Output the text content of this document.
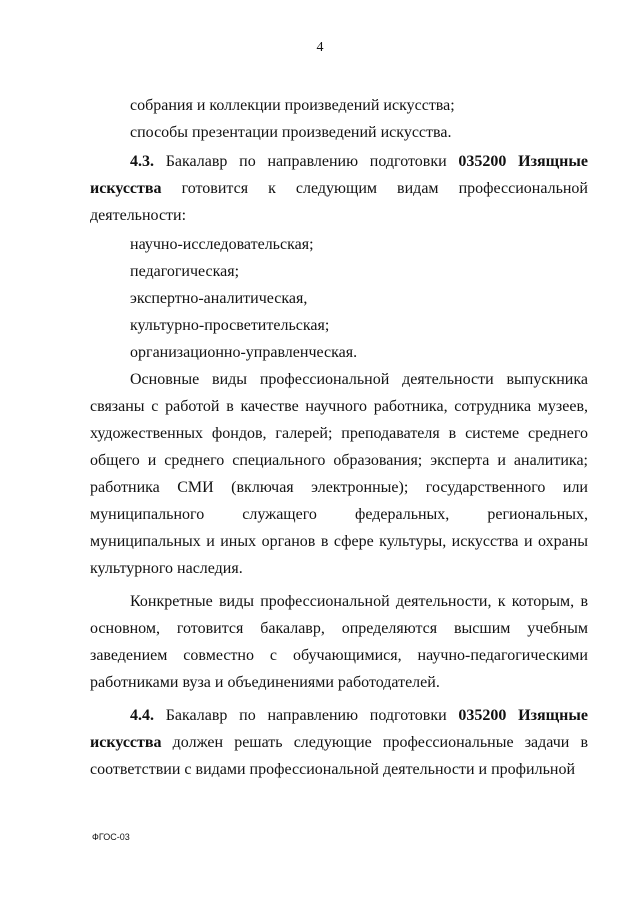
4

собрания и коллекции произведений искусства;

способы презентации произведений искусства.

4.3. Бакалавр по направлению подготовки 035200 Изящные искусства готовится к следующим видам профессиональной деятельности:

научно-исследовательская;

педагогическая;

экспертно-аналитическая,

культурно-просветительская;

организационно-управленческая.

Основные виды профессиональной деятельности выпускника связаны с работой в качестве научного работника, сотрудника музеев, художественных фондов, галерей; преподавателя в системе среднего общего и среднего специального образования; эксперта и аналитика; работника СМИ (включая электронные); государственного или муниципального служащего федеральных, региональных, муниципальных и иных органов в сфере культуры, искусства и охраны культурного наследия.

Конкретные виды профессиональной деятельности, к которым, в основном, готовится бакалавр, определяются высшим учебным заведением совместно с обучающимися, научно-педагогическими работниками вуза и объединениями работодателей.

4.4. Бакалавр по направлению подготовки 035200 Изящные искусства должен решать следующие профессиональные задачи в соответствии с видами профессиональной деятельности и профильной

ФГОС-03
